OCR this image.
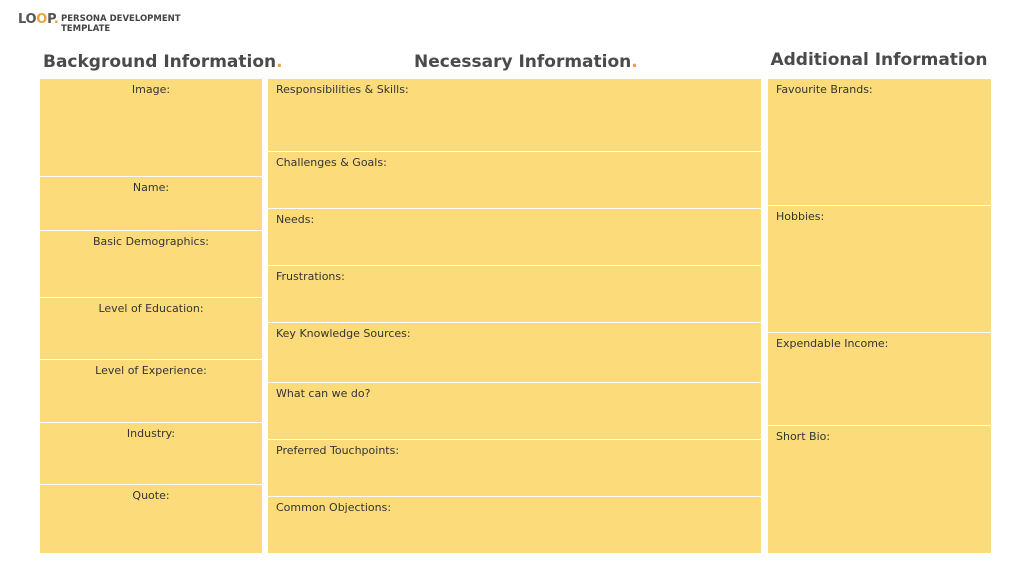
LOOP. PERSONA DEVELOPMENT TEMPLATE
Background Information.	Necessary Information.	Additional Information
Image:
Name:
Basic Demographics:
Level of Education:
Level of Experience:
Industry:
Quote:
Responsibilities & Skills:
Challenges & Goals:
Needs:
Frustrations:
Key Knowledge Sources:
What can we do?
Preferred Touchpoints:
Common Objections:
Favourite Brands:
Hobbies:
Expendable Income:
Short Bio:
